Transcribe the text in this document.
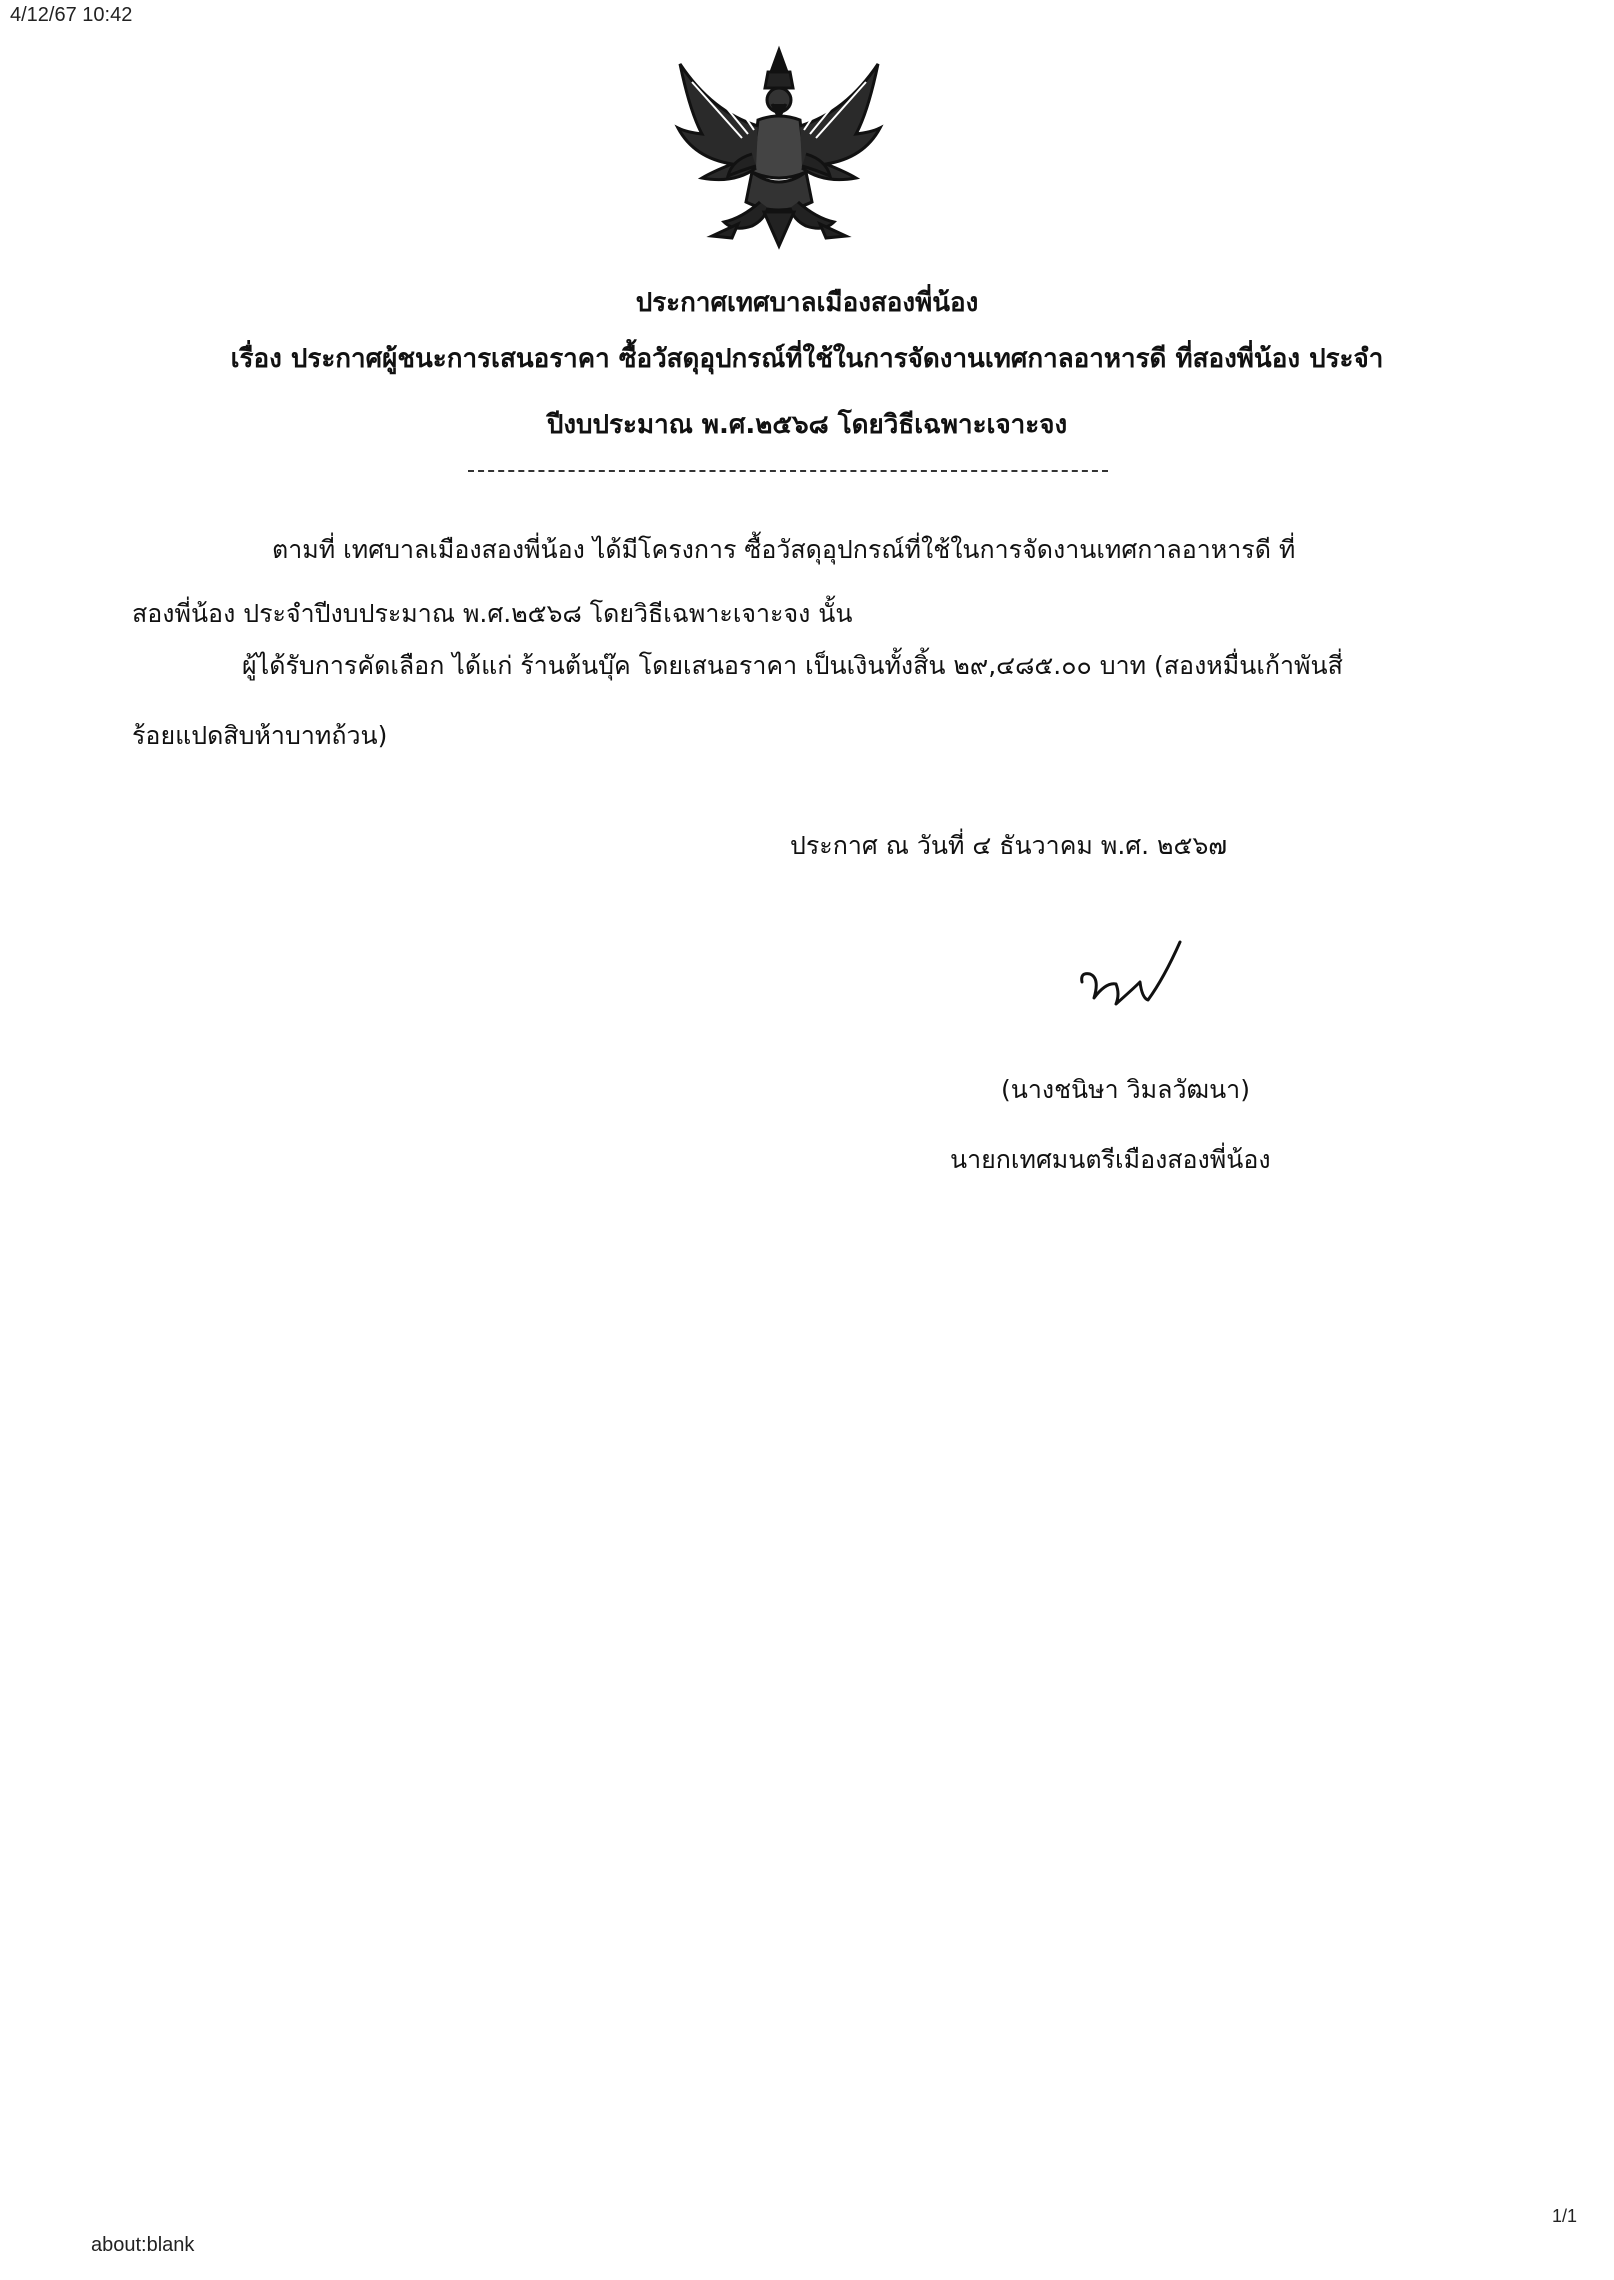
4/12/67 10:42
ประกาศเทศบาลเมืองสองพี่น้อง
เรื่อง ประกาศผู้ชนะการเสนอราคา ซื้อวัสดุอุปกรณ์ที่ใช้ในการจัดงานเทศกาลอาหารดี ที่สองพี่น้อง ประจำ
ปีงบประมาณ พ.ศ.๒๕๖๘ โดยวิธีเฉพาะเจาะจง
ตามที่ เทศบาลเมืองสองพี่น้อง ได้มีโครงการ ซื้อวัสดุอุปกรณ์ที่ใช้ในการจัดงานเทศกาลอาหารดี ที่
สองพี่น้อง ประจำปีงบประมาณ พ.ศ.๒๕๖๘ โดยวิธีเฉพาะเจาะจง นั้น
ผู้ได้รับการคัดเลือก ได้แก่ ร้านต้นบุ๊ค โดยเสนอราคา เป็นเงินทั้งสิ้น ๒๙,๔๘๕.๐๐ บาท (สองหมื่นเก้าพันสี่
ร้อยแปดสิบห้าบาทถ้วน)
ประกาศ ณ วันที่ ๔ ธันวาคม พ.ศ. ๒๕๖๗
(นางชนิษา วิมลวัฒนา)
นายกเทศมนตรีเมืองสองพี่น้อง
1/1
about:blank
